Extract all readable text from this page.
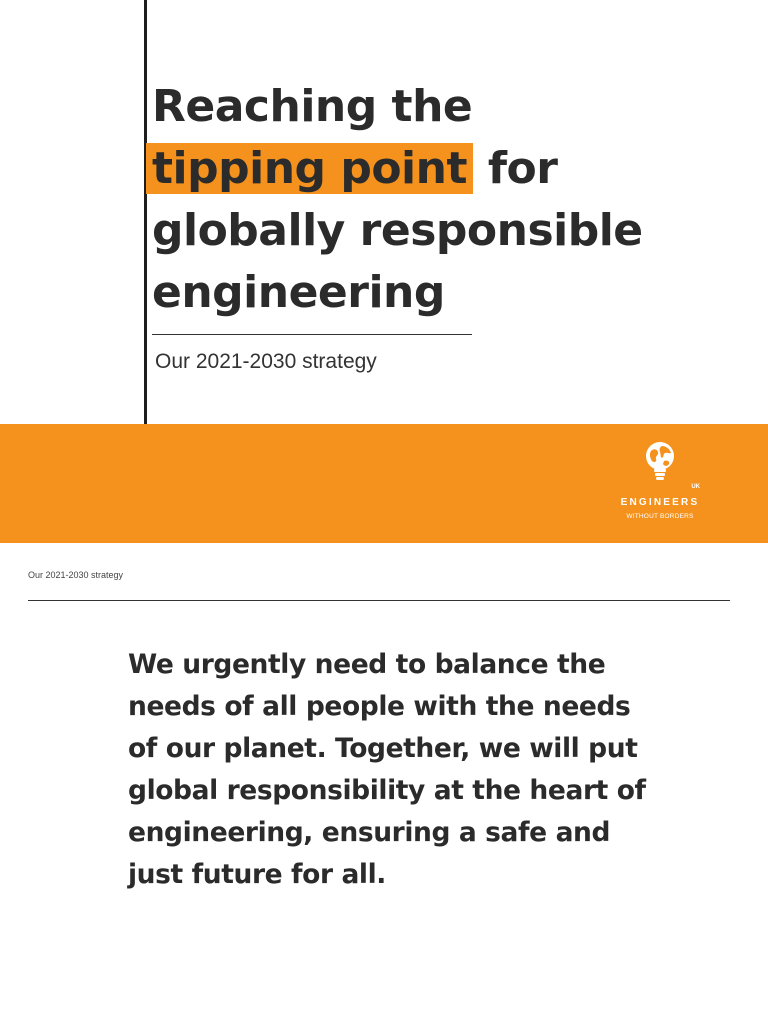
Reaching the
tipping point for
globally responsible
engineering

Our 2021-2030 strategy

UK
ENGINEERS
WITHOUT BORDERS
Our 2021-2030 strategy

We urgently need to balance the
needs of all people with the needs
of our planet. Together, we will put
global responsibility at the heart of
engineering, ensuring a safe and
just future for all.
